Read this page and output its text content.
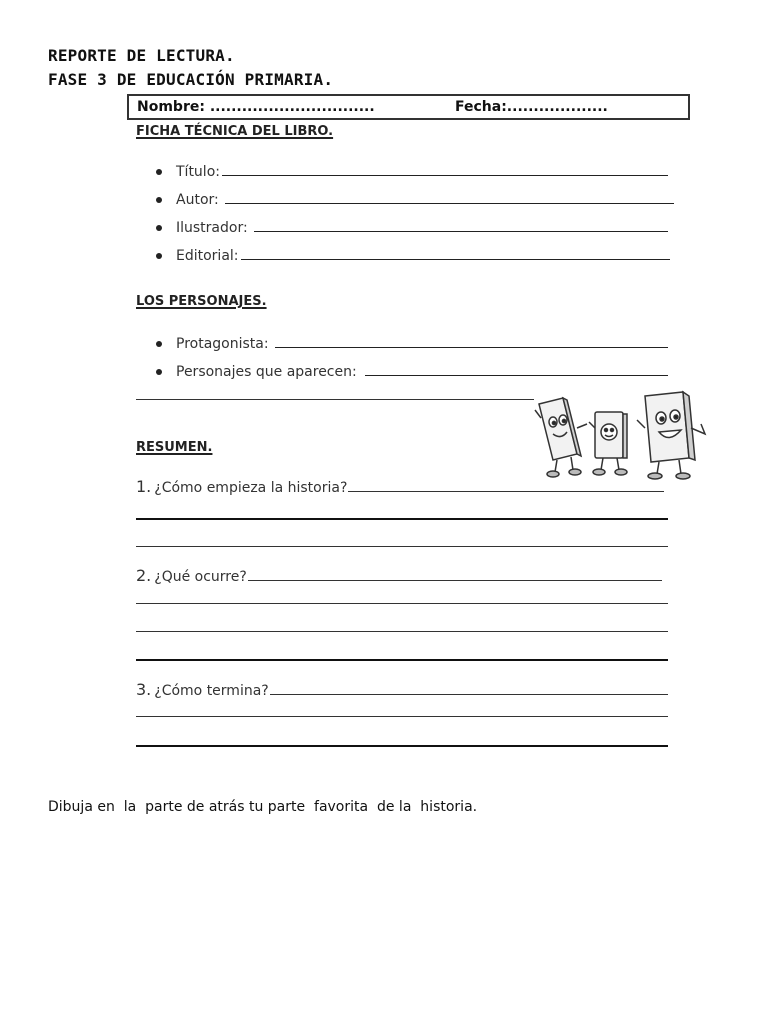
REPORTE DE LECTURA.
FASE 3 DE EDUCACIÓN PRIMARIA.
Nombre: ...............................	Fecha:...................
FICHA TÉCNICA DEL LIBRO.
Título:
Autor:
Ilustrador:
Editorial:
LOS PERSONAJES.
Protagonista:
Personajes que aparecen:
RESUMEN.
1. ¿Cómo empieza la historia?
2. ¿Qué ocurre?
3. ¿Cómo termina?
Dibuja en  la  parte de atrás tu parte  favorita  de la  historia.
